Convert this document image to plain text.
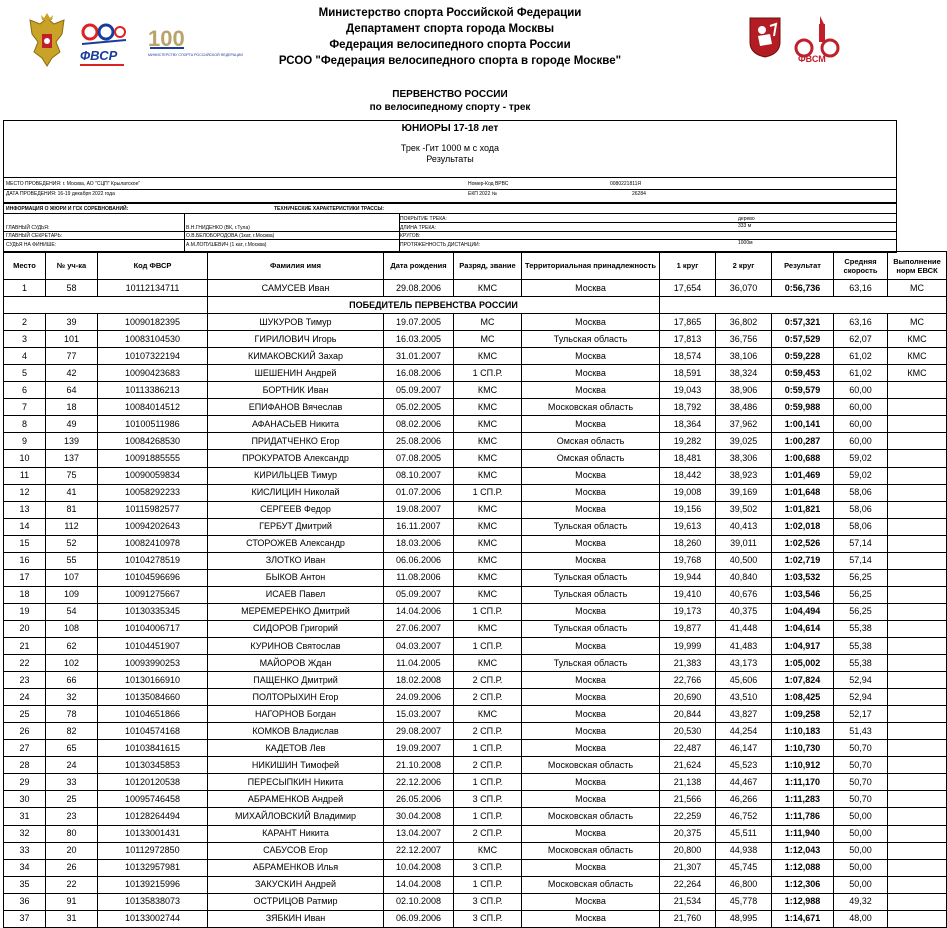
ФВСР
100
МИНИСТЕРСТВУ СПОРТА РОССИЙСКОЙ ФЕДЕРАЦИИ
Министерство спорта Российской Федерации
Департамент спорта города Москвы
Федерация велосипедного спорта России
РСОО "Федерация велосипедного спорта в городе Москве"	ФВСМ
ПЕРВЕНСТВО РОССИИ
по велосипедному спорту - трек
ЮНИОРЫ 17-18 лет
Трек -Гит 1000 м с хода
Результаты
МЕСТО ПРОВЕДЕНИЯ: г. Москва, АО "СЦП" Крылатское"
ДАТА ПРОВЕДЕНИЯ: 16-19 декабря 2022 года
Номер-Код ВРВС	0080221811Я
ЕКП 2022 №	26284
ИНФОРМАЦИЯ О ЖЮРИ И ГСК СОРЕВНОВАНИЙ:	ТЕХНИЧЕСКИЕ ХАРАКТЕРИСТИКИ ТРАССЫ:
ПОКРЫТИЕ ТРЕКА:	дерево
ГЛАВНЫЙ СУДЬЯ:	В.Н.ГНИДЕНКО (ВК, г.Тула)	ДЛИНА ТРЕКА:	333 м
ГЛАВНЫЙ СЕКРЕТАРЬ:	О.В.БЕЛОБОРОДОВА (1кат, г.Москва)	КРУГОВ:
СУДЬЯ НА ФИНИШЕ:	А.М.ЛОПУШЕВИЧ (1 кат, г.Москва)	ПРОТЯЖЕННОСТЬ ДИСТАНЦИИ:	1000м
Место	№ уч-ка	Код ФВСР	Фамилия имя	Дата рождения	Разряд, звание	Территориальная принадлежность	1 круг	2 круг	Результат	Средняя скорость	Выполнение норм ЕВСК
1	58	10112134711	САМУСЕВ Иван	29.08.2006	КМС	Москва	17,654	36,070	0:56,736	63,16	МС
			ПОБЕДИТЕЛЬ ПЕРВЕНСТВА РОССИИ								
2	39	10090182395	ШУКУРОВ Тимур	19.07.2005	МС	Москва	17,865	36,802	0:57,321	63,16	МС
3	101	10083104530	ГИРИЛОВИЧ Игорь	16.03.2005	МС	Тульская область	17,813	36,756	0:57,529	62,07	КМС
4	77	10107322194	КИМАКОВСКИЙ Захар	31.01.2007	КМС	Москва	18,574	38,106	0:59,228	61,02	КМС
5	42	10090423683	ШЕШЕНИН Андрей	16.08.2006	1 СП.Р.	Москва	18,591	38,324	0:59,453	61,02	КМС
6	64	10113386213	БОРТНИК Иван	05.09.2007	КМС	Москва	19,043	38,906	0:59,579	60,00	
7	18	10084014512	ЕПИФАНОВ Вячеслав	05.02.2005	КМС	Московская область	18,792	38,486	0:59,988	60,00	
8	49	10100511986	АФАНАСЬЕВ Никита	08.02.2006	КМС	Москва	18,364	37,962	1:00,141	60,00	
9	139	10084268530	ПРИДАТЧЕНКО Егор	25.08.2006	КМС	Омская область	19,282	39,025	1:00,287	60,00	
10	137	10091885555	ПРОКУРАТОВ Александр	07.08.2005	КМС	Омская область	18,481	38,306	1:00,688	59,02	
11	75	10090059834	КИРИЛЬЦЕВ Тимур	08.10.2007	КМС	Москва	18,442	38,923	1:01,469	59,02	
12	41	10058292233	КИСЛИЦИН Николай	01.07.2006	1 СП.Р.	Москва	19,008	39,169	1:01,648	58,06	
13	81	10115982577	СЕРГЕЕВ Федор	19.08.2007	КМС	Москва	19,156	39,502	1:01,821	58,06	
14	112	10094202643	ГЕРБУТ Дмитрий	16.11.2007	КМС	Тульская область	19,613	40,413	1:02,018	58,06	
15	52	10082410978	СТОРОЖЕВ Александр	18.03.2006	КМС	Москва	18,260	39,011	1:02,526	57,14	
16	55	10104278519	ЗЛОТКО Иван	06.06.2006	КМС	Москва	19,768	40,500	1:02,719	57,14	
17	107	10104596696	БЫКОВ Антон	11.08.2006	КМС	Тульская область	19,944	40,840	1:03,532	56,25	
18	109	10091275667	ИСАЕВ Павел	05.09.2007	КМС	Тульская область	19,410	40,676	1:03,546	56,25	
19	54	10130335345	МЕРЕМЕРЕНКО Дмитрий	14.04.2006	1 СП.Р.	Москва	19,173	40,375	1:04,494	56,25	
20	108	10104006717	СИДОРОВ Григорий	27.06.2007	КМС	Тульская область	19,877	41,448	1:04,614	55,38	
21	62	10104451907	КУРИНОВ Святослав	04.03.2007	1 СП.Р.	Москва	19,999	41,483	1:04,917	55,38	
22	102	10093990253	МАЙОРОВ Ждан	11.04.2005	КМС	Тульская область	21,383	43,173	1:05,002	55,38	
23	66	10130166910	ПАЩЕНКО Дмитрий	18.02.2008	2 СП.Р.	Москва	22,766	45,606	1:07,824	52,94	
24	32	10135084660	ПОЛТОРЫХИН Егор	24.09.2006	2 СП.Р.	Москва	20,690	43,510	1:08,425	52,94	
25	78	10104651866	НАГОРНОВ Богдан	15.03.2007	КМС	Москва	20,844	43,827	1:09,258	52,17	
26	82	10104574168	КОМКОВ Владислав	29.08.2007	2 СП.Р.	Москва	20,530	44,254	1:10,183	51,43	
27	65	10103841615	КАДЕТОВ Лев	19.09.2007	1 СП.Р.	Москва	22,487	46,147	1:10,730	50,70	
28	24	10130345853	НИКИШИН Тимофей	21.10.2008	2 СП.Р.	Московская область	21,624	45,523	1:10,912	50,70	
29	33	10120120538	ПЕРЕСЫПКИН Никита	22.12.2006	1 СП.Р.	Москва	21,138	44,467	1:11,170	50,70	
30	25	10095746458	АБРАМЕНКОВ Андрей	26.05.2006	3 СП.Р.	Москва	21,566	46,266	1:11,283	50,70	
31	23	10128264494	МИХАЙЛОВСКИЙ Владимир	30.04.2008	1 СП.Р.	Московская область	22,259	46,752	1:11,786	50,00	
32	80	10133001431	КАРАНТ Никита	13.04.2007	2 СП.Р.	Москва	20,375	45,511	1:11,940	50,00	
33	20	10112972850	САБУСОВ Егор	22.12.2007	КМС	Московская область	20,800	44,938	1:12,043	50,00	
34	26	10132957981	АБРАМЕНКОВ Илья	10.04.2008	3 СП.Р.	Москва	21,307	45,745	1:12,088	50,00	
35	22	10139215996	ЗАКУСКИН Андрей	14.04.2008	1 СП.Р.	Московская область	22,264	46,800	1:12,306	50,00	
36	91	10135838073	ОСТРИЦОВ Ратмир	02.10.2008	3 СП.Р.	Москва	21,534	45,778	1:12,988	49,32	
37	31	10133002744	ЗЯБКИН Иван	06.09.2006	3 СП.Р.	Москва	21,760	48,995	1:14,671	48,00	
